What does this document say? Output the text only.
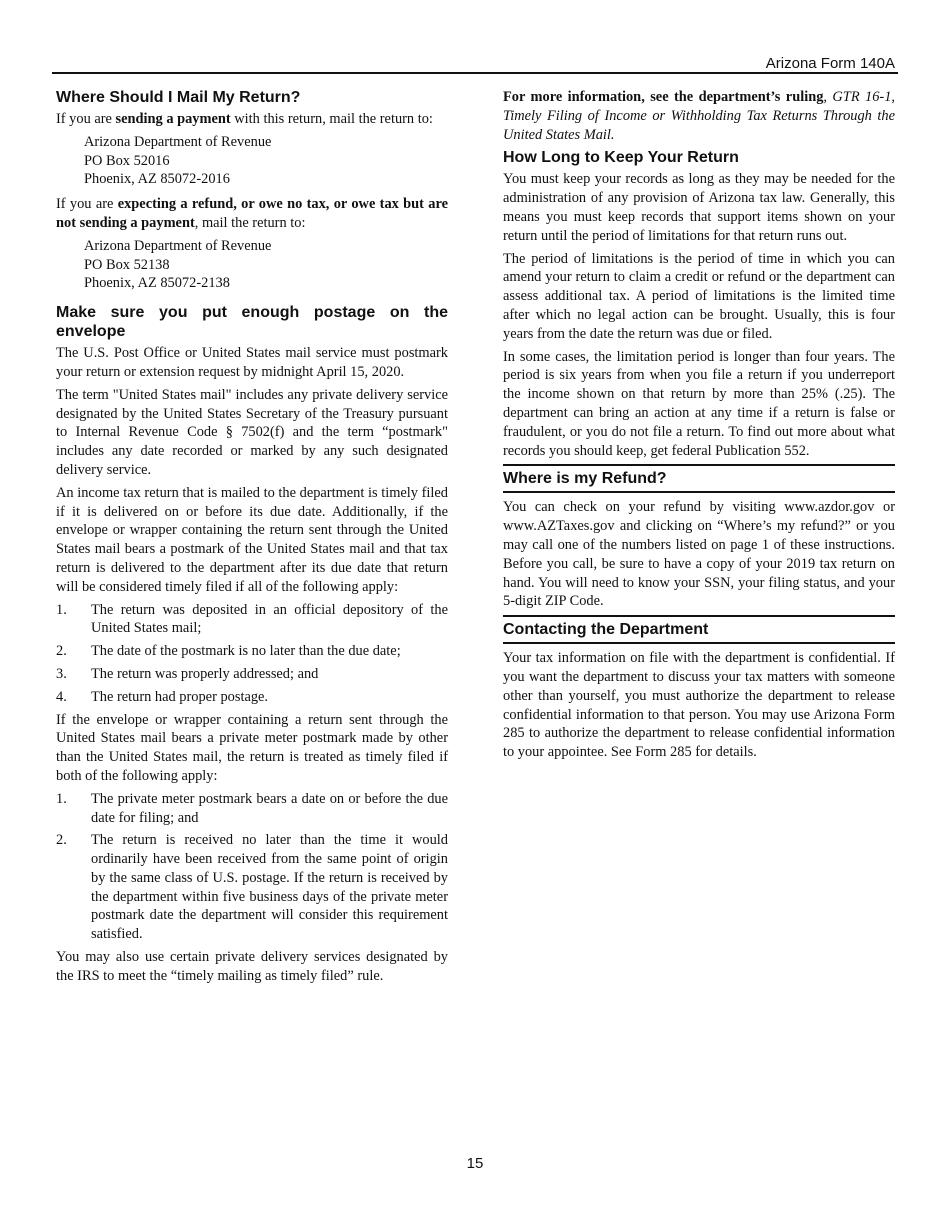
Arizona Form 140A
Where Should I Mail My Return?

If you are sending a payment with this return, mail the return to:

Arizona Department of Revenue
PO Box 52016
Phoenix, AZ 85072-2016

If you are expecting a refund, or owe no tax, or owe tax but are not sending a payment, mail the return to:

Arizona Department of Revenue
PO Box 52138
Phoenix, AZ 85072-2138
Make sure you put enough postage on the envelope

The U.S. Post Office or United States mail service must postmark your return or extension request by midnight April 15, 2020.

The term "United States mail" includes any private delivery service designated by the United States Secretary of the Treasury pursuant to Internal Revenue Code § 7502(f) and the term “postmark" includes any date recorded or marked by any such designated delivery service.

An income tax return that is mailed to the department is timely filed if it is delivered on or before its due date. Additionally, if the envelope or wrapper containing the return sent through the United States mail bears a postmark of the United States mail and that tax return is delivered to the department after its due date that return will be considered timely filed if all of the following apply:

1.	The return was deposited in an official depository of the United States mail;
2.	The date of the postmark is no later than the due date;
3.	The return was properly addressed; and
4.	The return had proper postage.

If the envelope or wrapper containing a return sent through the United States mail bears a private meter postmark made by other than the United States mail, the return is treated as timely filed if both of the following apply:

1.	The private meter postmark bears a date on or before the due date for filing; and
2.	The return is received no later than the time it would ordinarily have been received from the same point of origin by the same class of U.S. postage. If the return is received by the department within five business days of the private meter postmark date the department will consider this requirement satisfied.

You may also use certain private delivery services designated by the IRS to meet the “timely mailing as timely filed” rule.

For more information, see the department’s ruling, GTR 16-1, Timely Filing of Income or Withholding Tax Returns Through the United States Mail.

How Long to Keep Your Return

You must keep your records as long as they may be needed for the administration of any provision of Arizona tax law. Generally, this means you must keep records that support items shown on your return until the period of limitations for that return runs out.

The period of limitations is the period of time in which you can amend your return to claim a credit or refund or the department can assess additional tax. A period of limitations is the limited time after which no legal action can be brought. Usually, this is four years from the date the return was due or filed.

In some cases, the limitation period is longer than four years. The period is six years from when you file a return if you underreport the income shown on that return by more than 25% (.25). The department can bring an action at any time if a return is false or fraudulent, or you do not file a return. To find out more about what records you should keep, get federal Publication 552.

Where is my Refund?

You can check on your refund by visiting www.azdor.gov or www.AZTaxes.gov and clicking on “Where’s my refund?” or you may call one of the numbers listed on page 1 of these instructions. Before you call, be sure to have a copy of your 2019 tax return on hand. You will need to know your SSN, your filing status, and your 5-digit ZIP Code.

Contacting the Department

Your tax information on file with the department is confidential. If you want the department to discuss your tax matters with someone other than yourself, you must authorize the department to release confidential information to that person. You may use Arizona Form 285 to authorize the department to release confidential information to your appointee. See Form 285 for details.

15
